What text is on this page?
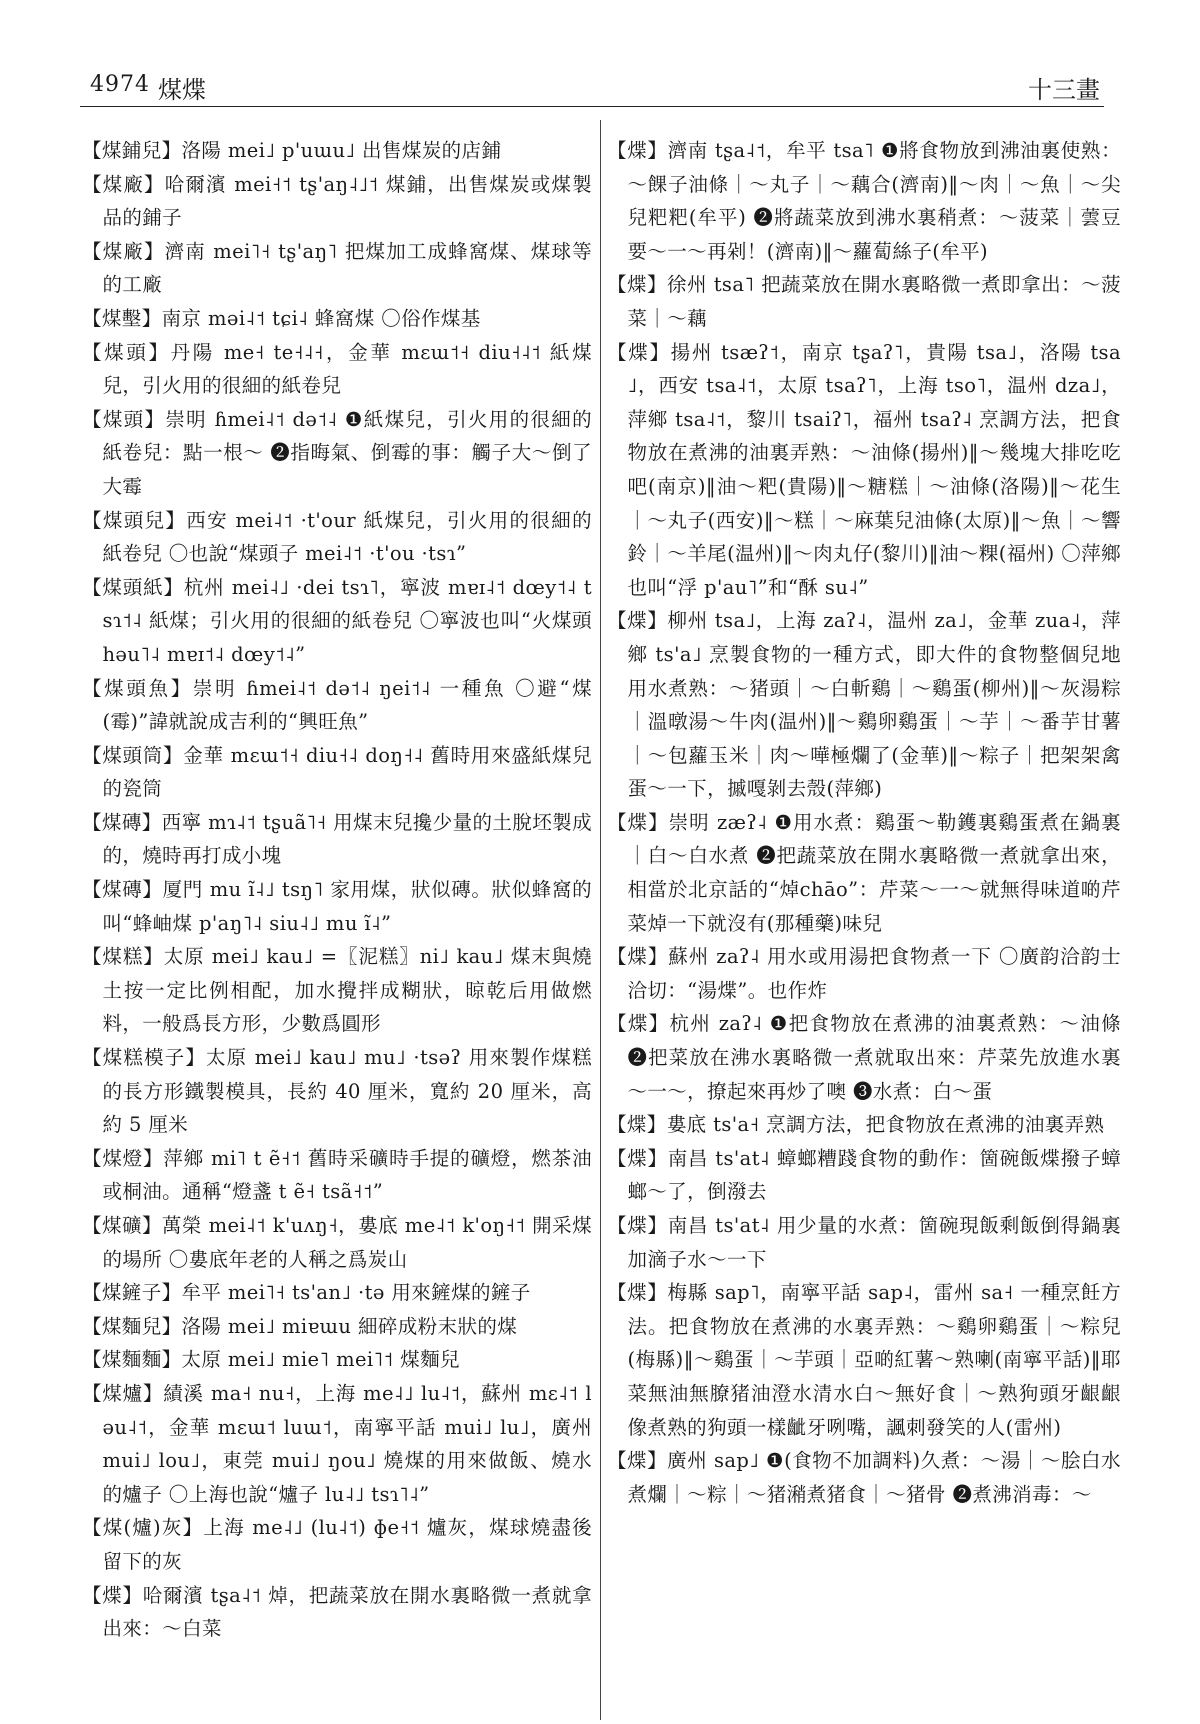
4974 煤煠	十三畫

【煤鋪兒】洛陽 mei˩ p'uɯu˩ 出售煤炭的店鋪

【煤廠】哈爾濱 mei˧˦ tʂ'aŋ˨˩˦ 煤鋪，出售煤炭或煤製品的鋪子

【煤廠】濟南 mei˥˧ tʂ'aŋ˥ 把煤加工成蜂窩煤、煤球等的工廠

【煤墼】南京 məi˨˦ tɕi˨ 蜂窩煤 〇俗作煤基

【煤頭】丹陽 me˧ te˧˨˧，金華 mɛɯ˦˧ diu˧˨˦ 紙煤兒，引火用的很細的紙卷兒

【煤頭】崇明 ɦmei˨˦ də˦˨ ❶紙煤兒，引火用的很細的紙卷兒：點一根～ ❷指晦氣、倒霉的事：觸子大～倒了大霉

【煤頭兒】西安 mei˨˦ ·t'our 紙煤兒，引火用的很細的紙卷兒 〇也說“煤頭子 mei˨˦ ·t'ou ·tsɿ”

【煤頭紙】杭州 mei˨˩ ·dei tsɿ˥，寧波 mɐɪ˨˦ dœy˦˨ tsɿ˦˨ 紙煤；引火用的很細的紙卷兒 〇寧波也叫“火煤頭 həu˥˨ mɐɪ˦˨ dœy˦˨”

【煤頭魚】崇明 ɦmei˨˦ də˦˨ ŋei˦˨ 一種魚 〇避“煤(霉)”諱就說成吉利的“興旺魚”

【煤頭筒】金華 mɛɯ˦˧ diu˧˨ doŋ˧˨ 舊時用來盛紙煤兒的瓷筒

【煤磚】西寧 mɿ˨˦ tʂuã˥˧ 用煤末兒攙少量的土脫坯製成的，燒時再打成小塊

【煤磚】厦門 mu ĩ˨˩ tsŋ˥ 家用煤，狀似磚。狀似蜂窩的叫“蜂岫煤 p'aŋ˥˨ siu˨˩ mu ĩ˨”

【煤糕】太原 mei˩ kau˩ =〖泥糕〗ni˩ kau˩ 煤末與燒土按一定比例相配，加水攪拌成糊狀，晾乾后用做燃料，一般爲長方形，少數爲圓形

【煤糕模子】太原 mei˩ kau˩ mu˩ ·tsəʔ 用來製作煤糕的長方形鐵製模具，長約 40 厘米，寬約 20 厘米，高約 5 厘米

【煤燈】萍鄉 mi˥ t ẽ˧˦ 舊時采礦時手提的礦燈，燃茶油或桐油。通稱“燈盞 t ẽ˧ tsã˧˦”

【煤礦】萬榮 mei˨˦ k'uʌŋ˧，婁底 me˨˦ k'oŋ˧˦ 開采煤的場所 〇婁底年老的人稱之爲炭山

【煤鏟子】牟平 mei˥˧ ts'an˩ ·tə 用來鏟煤的鏟子

【煤麵兒】洛陽 mei˩ miɐɯu 細碎成粉末狀的煤

【煤麵麵】太原 mei˩ mie˥ mei˥˦ 煤麵兒

【煤爐】績溪 ma˧ nu˧，上海 me˨˩ lu˨˦，蘇州 mɛ˨˦ ləu˨˦，金華 mɛɯ˦ luɯ˦，南寧平話 mui˩ lu˩，廣州 mui˩ lou˩，東莞 mui˩ ŋou˩ 燒煤的用來做飯、燒水的爐子 〇上海也說“爐子 lu˨˩ tsɿ˥˨”

【煤(爐)灰】上海 me˨˩ (lu˨˦) ɸe˧˦ 爐灰，煤球燒盡後留下的灰

【煠】哈爾濱 tʂa˨˦ 焯，把蔬菜放在開水裏略微一煮就拿出來：～白菜

【煠】濟南 tʂa˨˦，牟平 tsa˥ ❶將食物放到沸油裏使熟：～餜子油條｜～丸子｜～藕合(濟南)‖～肉｜～魚｜～尖兒粑粑(牟平) ❷將蔬菜放到沸水裏稍煮：～菠菜｜蕓豆要～一～再剁！(濟南)‖～蘿蔔絲子(牟平)

【煠】徐州 tsa˥ 把蔬菜放在開水裏略微一煮即拿出：～菠菜｜～藕

【煠】揚州 tsæʔ˦，南京 tʂaʔ˥，貴陽 tsa˩，洛陽 tsa˩，西安 tsa˨˦，太原 tsaʔ˥，上海 tso˥，温州 dza˩，萍鄉 tsa˨˦，黎川 tsaiʔ˥，福州 tsaʔ˨ 烹調方法，把食物放在煮沸的油裏弄熟：～油條(揚州)‖～幾塊大排吃吃吧(南京)‖油～粑(貴陽)‖～糖糕｜～油條(洛陽)‖～花生｜～丸子(西安)‖～糕｜～麻葉兒油條(太原)‖～魚｜～響鈴｜～羊尾(温州)‖～肉丸仔(黎川)‖油～粿(福州) 〇萍鄉也叫“浮 p'au˥”和“酥 su˨”

【煠】柳州 tsa˩，上海 zaʔ˨，温州 za˩，金華 zua˨，萍鄉 ts'a˩ 烹製食物的一種方式，即大件的食物整個兒地用水煮熟：～猪頭｜～白斬鷄｜～鷄蛋(柳州)‖～灰湯粽｜溫暾湯～牛肉(温州)‖～鷄卵鷄蛋｜～芋｜～番芋甘薯｜～包蘿玉米｜肉～嘩極爛了(金華)‖～粽子｜把架架禽蛋～一下，摵嘎剝去殼(萍鄉)

【煠】崇明 zæʔ˨ ❶用水煮：鷄蛋～勒鑊裏鷄蛋煮在鍋裏｜白～白水煮 ❷把蔬菜放在開水裏略微一煮就拿出來，相當於北京話的“焯chāo”：芹菜～一～就無得味道啲芹菜焯一下就沒有(那種藥)味兒

【煠】蘇州 zaʔ˨ 用水或用湯把食物煮一下 〇廣韵洽韵士洽切：“湯煠”。也作炸

【煠】杭州 zaʔ˨ ❶把食物放在煮沸的油裏煮熟：～油條 ❷把菜放在沸水裏略微一煮就取出來：芹菜先放進水裏～一～，撩起來再炒了噢 ❸水煮：白～蛋

【煠】婁底 ts'a˧ 烹調方法，把食物放在煮沸的油裏弄熟

【煠】南昌 ts'at˨ 蟑螂糟踐食物的動作：箇碗飯煠撥子蟑螂～了，倒潑去

【煠】南昌 ts'at˨ 用少量的水煮：箇碗現飯剩飯倒得鍋裏加滴子水～一下

【煠】梅縣 sap˥，南寧平話 sap˨，雷州 sa˧ 一種烹飪方法。把食物放在煮沸的水裏弄熟：～鷄卵鷄蛋｜～粽兒(梅縣)‖～鷄蛋｜～芋頭｜亞啲紅薯～熟喇(南寧平話)‖耶菜無油無膫猪油澄水清水白～無好食｜～熟狗頭牙齦齦像煮熟的狗頭一樣齜牙咧嘴，諷刺發笑的人(雷州)

【煠】廣州 sap˩ ❶(食物不加調料)久煮：～湯｜～脍白水煮爛｜～粽｜～猪潲煮猪食｜～猪骨 ❷煮沸消毒：～
